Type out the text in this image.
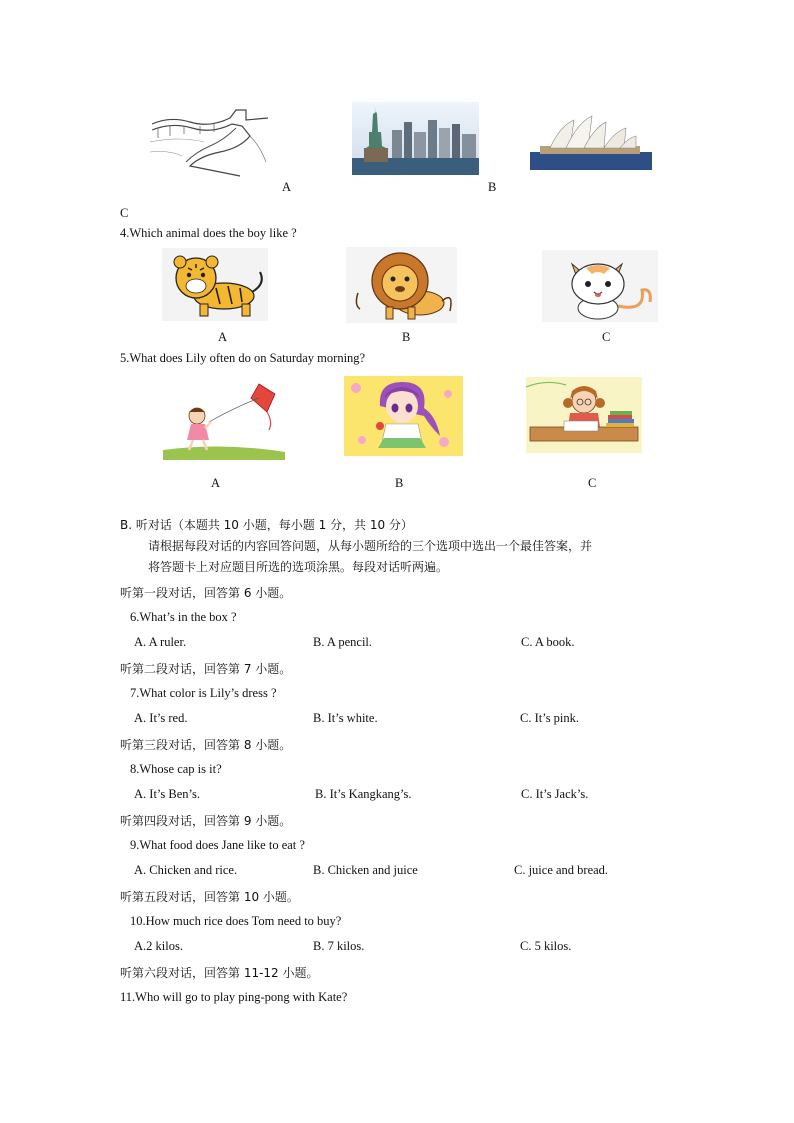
A	B
C
4.Which animal does the boy like ?
A	B	C
5.What does Lily often do on Saturday morning?
A	B	C
B. 听对话（本题共 10 小题，每小题 1 分，共 10 分）
请根据每段对话的内容回答问题，从每小题所给的三个选项中选出一个最佳答案，并
将答题卡上对应题目所选的选项涂黑。每段对话听两遍。
听第一段对话，回答第 6 小题。
6.What’s in the box ?
A. A ruler.	B. A pencil.	C. A book.
听第二段对话，回答第 7 小题。
7.What color is Lily’s dress ?
A. It’s red.	B. It’s white.	C. It’s pink.
听第三段对话，回答第 8 小题。
8.Whose cap is it?
A. It’s Ben’s.	B. It’s Kangkang’s.	C. It’s Jack’s.
听第四段对话，回答第 9 小题。
9.What food does Jane like to eat ?
A. Chicken and rice.	B. Chicken and juice	C. juice and bread.
听第五段对话，回答第 10 小题。
10.How much rice does Tom need to buy?
A.2 kilos.	B. 7 kilos.	C. 5 kilos.
听第六段对话，回答第 11-12 小题。
11.Who will go to play ping-pong with Kate?
